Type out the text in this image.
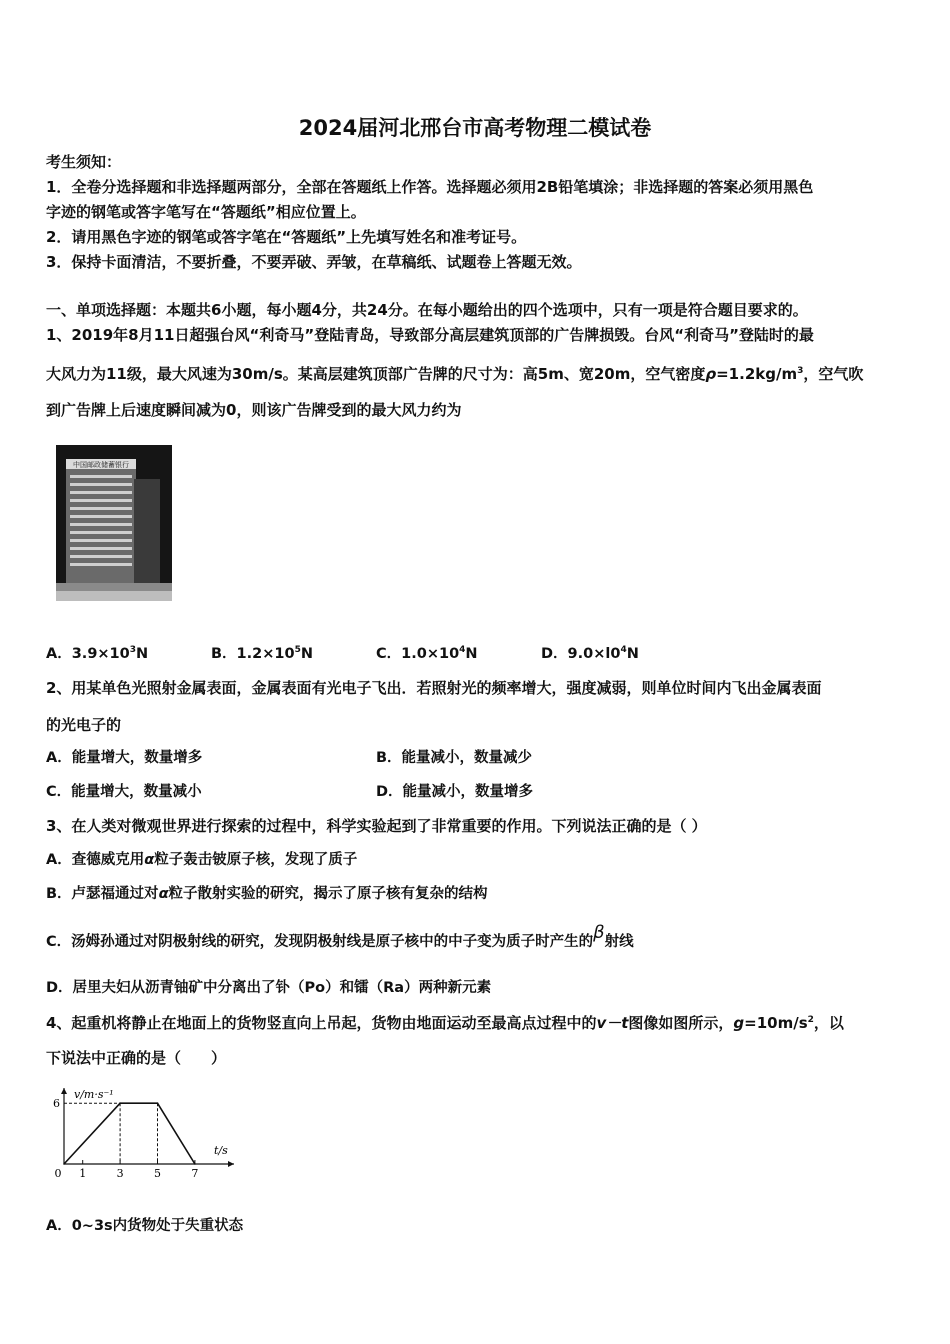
2024届河北邢台市高考物理二模试卷
考生须知：
1．全卷分选择题和非选择题两部分，全部在答题纸上作答。选择题必须用2B铅笔填涂；非选择题的答案必须用黑色
字迹的钢笔或答字笔写在“答题纸”相应位置上。
2．请用黑色字迹的钢笔或答字笔在“答题纸”上先填写姓名和准考证号。
3．保持卡面清洁，不要折叠，不要弄破、弄皱，在草稿纸、试题卷上答题无效。
一、单项选择题：本题共6小题，每小题4分，共24分。在每小题给出的四个选项中，只有一项是符合题目要求的。
1、2019年8月11日超强台风“利奇马”登陆青岛，导致部分高层建筑顶部的广告牌损毁。台风“利奇马”登陆时的最
大风力为11级，最大风速为30m/s。某高层建筑顶部广告牌的尺寸为：高5m、宽20m，空气密度$\rho=1.2kg/m^3$，空气吹
到广告牌上后速度瞬间减为0，则该广告牌受到的最大风力约为
中国邮政储蓄银行
A．$3.9\times 10^3N$	B．$1.2\times 10^5N$	C．$1.0\times 10^4N$	D．$9.0\times l0^4N$
2、用某单色光照射金属表面，金属表面有光电子飞出．若照射光的频率增大，强度减弱，则单位时间内飞出金属表面
的光电子的
A．能量增大，数量增多	B．能量减小，数量减少
C．能量增大，数量减小	D．能量减小，数量增多
3、在人类对微观世界进行探索的过程中，科学实验起到了非常重要的作用。下列说法正确的是（ ）
A．查德威克用α粒子轰击铍原子核，发现了质子
B．卢瑟福通过对α粒子散射实验的研究，揭示了原子核有复杂的结构
C．汤姆孙通过对阴极射线的研究，发现阴极射线是原子核中的中子变为质子时产生的β射线
D．居里夫妇从沥青铀矿中分离出了钋（Po）和镭（Ra）两种新元素
4、起重机将静止在地面上的货物竖直向上吊起，货物由地面运动至最高点过程中的v－t图像如图所示，$g=10m/s^2$，以
下说法中正确的是（　　）
v/m·s⁻¹
t/s
0 1	3	5	7
6
A．0~3s内货物处于失重状态
